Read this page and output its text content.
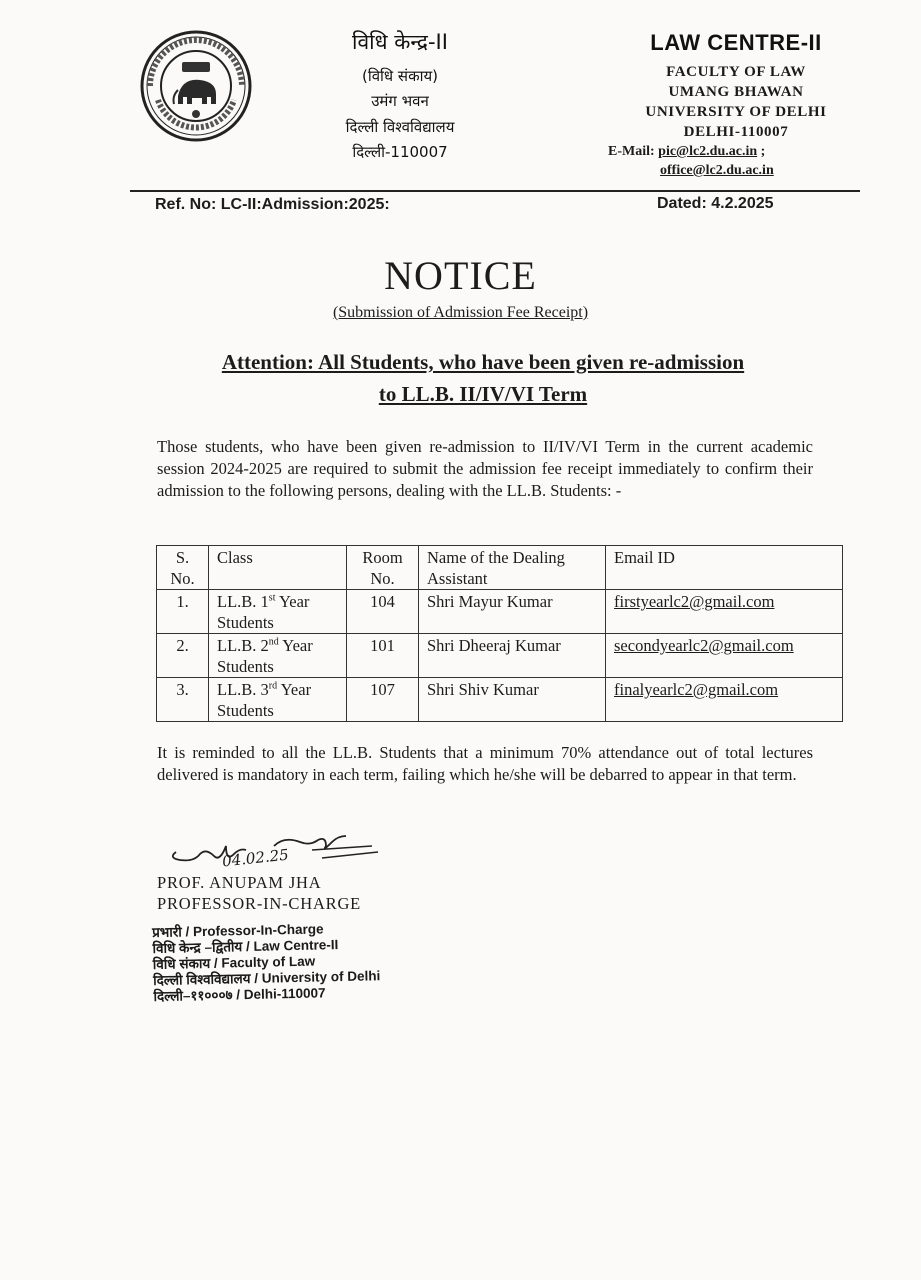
विधि केन्द्र-II
(विधि संकाय)
उमंग भवन
दिल्ली विश्वविद्यालय
दिल्ली-110007
LAW CENTRE-II
FACULTY OF LAW
UMANG BHAWAN
UNIVERSITY OF DELHI
DELHI-110007
E-Mail: pic@lc2.du.ac.in ;
office@lc2.du.ac.in
Ref. No: LC-II:Admission:2025:	Dated: 4.2.2025
NOTICE
(Submission of Admission Fee Receipt)
Attention: All Students, who have been given re-admission
to LL.B. II/IV/VI Term
Those students, who have been given re-admission to II/IV/VI Term in the current academic session 2024-2025 are required to submit the admission fee receipt immediately to confirm their admission to the following persons, dealing with the LL.B. Students: -
S. No.	Class	Room No.	Name of the Dealing Assistant	Email ID
1.	LL.B. 1st Year Students	104	Shri Mayur Kumar	firstyearlc2@gmail.com
2.	LL.B. 2nd Year Students	101	Shri Dheeraj Kumar	secondyearlc2@gmail.com
3.	LL.B. 3rd Year Students	107	Shri Shiv Kumar	finalyearlc2@gmail.com
It is reminded to all the LL.B. Students that a minimum 70% attendance out of total lectures delivered is mandatory in each term, failing which he/she will be debarred to appear in that term.
04.02.25
PROF. ANUPAM JHA
PROFESSOR-IN-CHARGE
प्रभारी / Professor-In-Charge
विधि केन्द्र –द्वितीय / Law Centre-II
विधि संकाय / Faculty of Law
दिल्ली विश्वविद्यालय / University of Delhi
दिल्ली–११०००७ / Delhi-110007
